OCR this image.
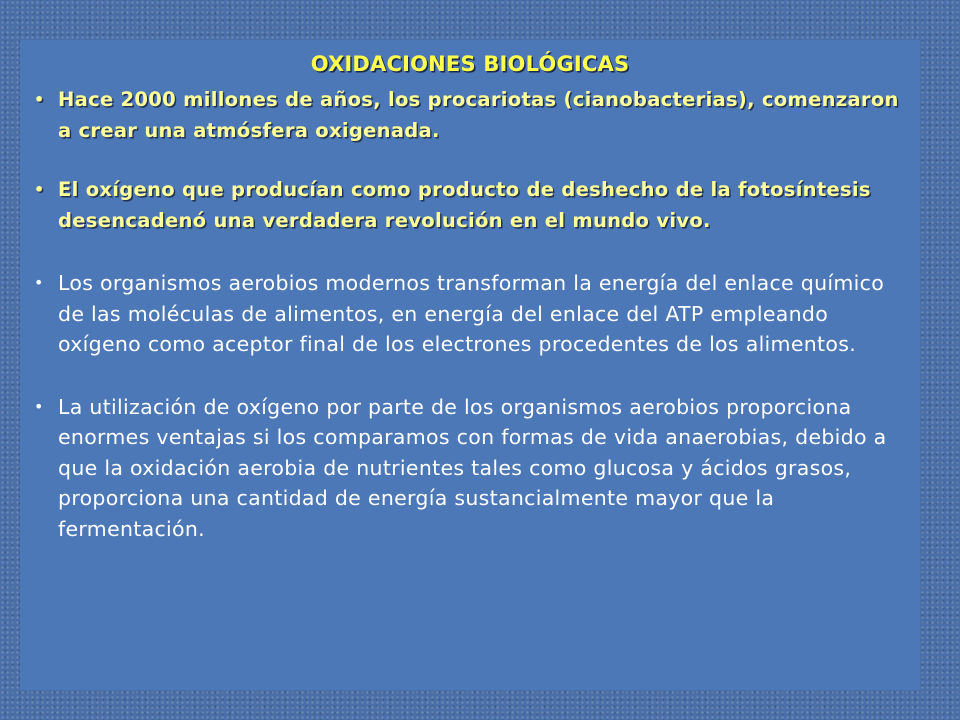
OXIDACIONES BIOLÓGICAS
• Hace 2000 millones de años, los procariotas (cianobacterias), comenzaron a crear una atmósfera oxigenada.
• El oxígeno que producían como producto de deshecho de la fotosíntesis desencadenó una verdadera revolución en el mundo vivo.
• Los organismos aerobios modernos transforman la energía del enlace químico de las moléculas de alimentos, en energía del enlace del ATP empleando oxígeno como aceptor final de los electrones procedentes de los alimentos.
• La utilización de oxígeno por parte de los organismos aerobios proporciona enormes ventajas si los comparamos con formas de vida anaerobias, debido a que la oxidación aerobia de nutrientes tales como glucosa y ácidos grasos, proporciona una cantidad de energía sustancialmente mayor que la fermentación.
